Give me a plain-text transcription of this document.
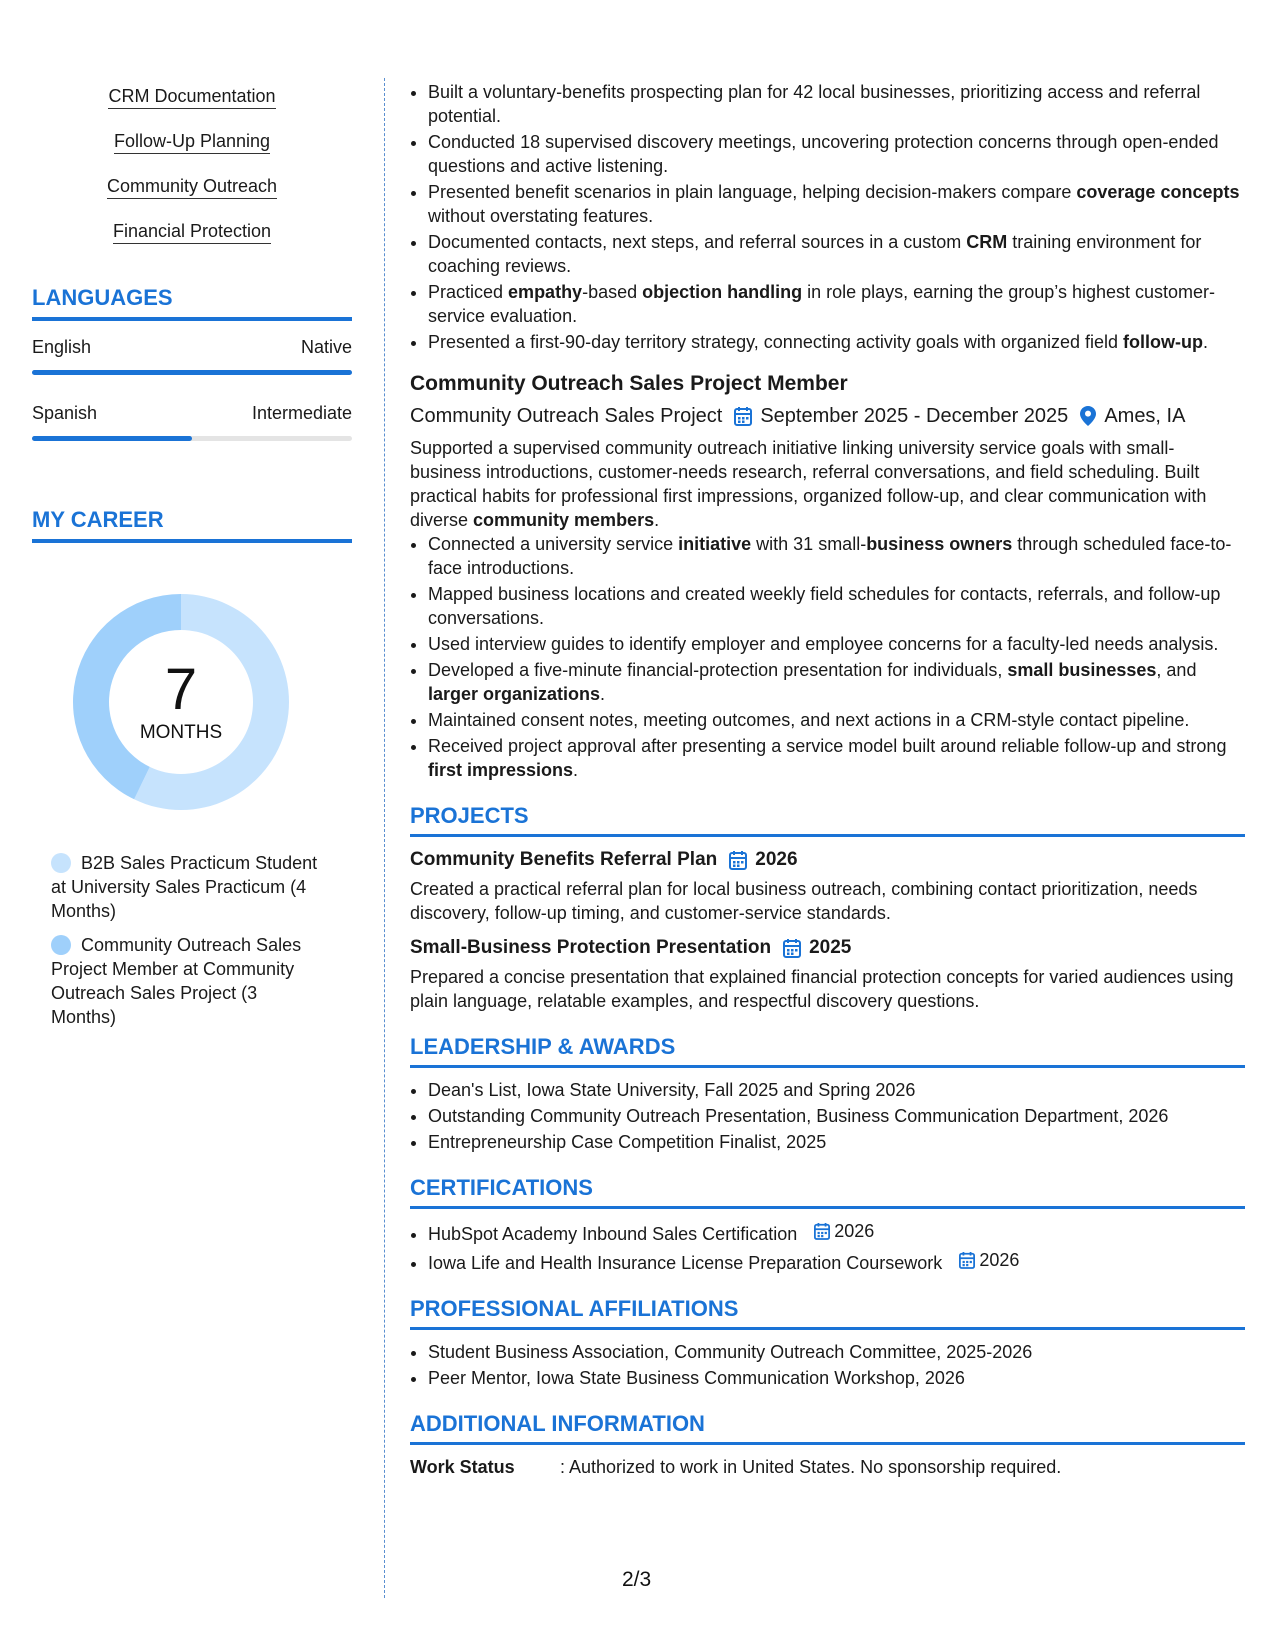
CRM Documentation
Follow-Up Planning
Community Outreach
Financial Protection
LANGUAGES
English	Native
Spanish	Intermediate
MY CAREER
7
MONTHS
B2B Sales Practicum Student at University Sales Practicum (4 Months)
Community Outreach Sales Project Member at Community Outreach Sales Project (3 Months)
• Built a voluntary-benefits prospecting plan for 42 local businesses, prioritizing access and referral potential.
• Conducted 18 supervised discovery meetings, uncovering protection concerns through open-ended questions and active listening.
• Presented benefit scenarios in plain language, helping decision-makers compare coverage concepts without overstating features.
• Documented contacts, next steps, and referral sources in a custom CRM training environment for coaching reviews.
• Practiced empathy-based objection handling in role plays, earning the group’s highest customer-service evaluation.
• Presented a first-90-day territory strategy, connecting activity goals with organized field follow-up.
Community Outreach Sales Project Member
Community Outreach Sales Project September 2025 - December 2025 Ames, IA
Supported a supervised community outreach initiative linking university service goals with small-business introductions, customer-needs research, referral conversations, and field scheduling. Built practical habits for professional first impressions, organized follow-up, and clear communication with diverse community members.
• Connected a university service initiative with 31 small-business owners through scheduled face-to-face introductions.
• Mapped business locations and created weekly field schedules for contacts, referrals, and follow-up conversations.
• Used interview guides to identify employer and employee concerns for a faculty-led needs analysis.
• Developed a five-minute financial-protection presentation for individuals, small businesses, and larger organizations.
• Maintained consent notes, meeting outcomes, and next actions in a CRM-style contact pipeline.
• Received project approval after presenting a service model built around reliable follow-up and strong first impressions.
PROJECTS
Community Benefits Referral Plan 2026
Created a practical referral plan for local business outreach, combining contact prioritization, needs discovery, follow-up timing, and customer-service standards.
Small-Business Protection Presentation 2025
Prepared a concise presentation that explained financial protection concepts for varied audiences using plain language, relatable examples, and respectful discovery questions.
LEADERSHIP & AWARDS
• Dean's List, Iowa State University, Fall 2025 and Spring 2026
• Outstanding Community Outreach Presentation, Business Communication Department, 2026
• Entrepreneurship Case Competition Finalist, 2025
CERTIFICATIONS
• HubSpot Academy Inbound Sales Certification 2026
• Iowa Life and Health Insurance License Preparation Coursework 2026
PROFESSIONAL AFFILIATIONS
• Student Business Association, Community Outreach Committee, 2025-2026
• Peer Mentor, Iowa State Business Communication Workshop, 2026
ADDITIONAL INFORMATION
Work Status	: Authorized to work in United States. No sponsorship required.
2/3
